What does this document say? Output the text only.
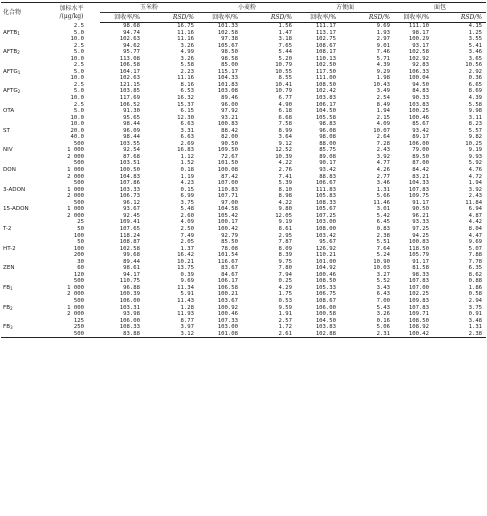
化合物	加标水平
/(μg/kg)	玉米粉		小麦粉		方便面		面包	
		回收率/%	RSD/%	回收率/%	RSD/%	回收率/%	RSD/%	回收率/%	RSD/%
	2.5	98.68	16.75	101.33	1.56	111.17	9.69	111.10	4.15
$AFTB_1$	5.0	94.74	11.16	102.58	1.47	113.17	1.93	98.17	1.25
	10.0	102.63	11.16	97.38	3.18	102.75	2.97	100.29	3.55
	2.5	94.62	3.26	105.67	7.65	108.67	9.01	93.17	5.41
$AFTB_2$	5.0	95.77	4.99	98.50	5.44	108.17	7.46	102.58	3.46
	10.0	113.08	3.26	98.58	5.20	110.13	5.71	102.92	3.65
	2.5	106.58	5.58	85.00	10.79	102.50	4.39	92.83	10.56
$AFTG_1$	5.0	104.17	2.23	115.17	10.55	117.50	9.29	106.33	2.92
	10.0	102.63	11.16	104.33	8.55	111.00	1.98	100.04	0.36
	2.5	121.15	8.16	101.83	10.41	108.50	10.43	94.50	6.65
$AFTG_2$	5.0	103.85	6.53	103.08	10.79	102.42	3.49	84.83	8.69
	10.0	117.69	16.32	89.46	6.77	103.83	2.54	90.33	4.39
	2.5	106.52	15.37	96.00	4.90	106.17	8.49	103.83	5.58
OTA	5.0	91.30	6.15	97.92	6.18	104.50	1.94	100.25	9.98
	10.0	95.65	12.30	93.21	6.68	105.58	2.15	100.46	3.11
	10.0	98.44	6.63	100.83	7.58	98.83	4.09	85.67	8.23
ST	20.0	96.09	3.31	88.42	8.99	96.08	10.07	93.42	5.57
	40.0	98.44	6.63	82.00	3.64	98.08	2.64	89.17	9.82
	500	103.55	2.69	90.50	9.12	88.00	7.28	106.00	10.25
NIV	1 000	92.54	16.83	109.50	12.52	85.75	2.43	79.00	9.19
	2 000	87.68	1.12	72.67	10.39	89.08	3.92	89.50	9.93
	500	103.51	1.52	101.50	4.22	90.17	4.77	87.00	5.92
DON	1 000	100.50	0.18	100.08	2.76	93.42	4.26	84.42	4.76
	2 000	104.83	1.19	87.42	7.41	88.83	2.77	83.21	4.72
	500	107.86	4.23	107.00	5.39	106.67	3.46	104.33	1.94
3-ADON	1 000	103.33	0.15	110.83	8.10	111.83	1.31	107.83	3.92
	2 000	106.73	6.99	107.71	8.98	105.83	5.66	109.75	2.43
	500	96.12	3.75	97.00	4.22	108.33	11.46	91.17	11.84
15-ADON	1 000	93.67	5.48	104.58	9.80	105.67	3.01	90.50	6.94
	2 000	92.45	2.60	105.42	12.05	107.25	5.42	96.21	4.87
	25	109.41	4.09	100.17	9.19	103.00	6.45	93.33	4.42
T-2	50	107.65	2.50	100.42	8.61	108.00	0.83	97.25	8.04
	100	118.24	7.49	92.79	2.95	103.42	2.38	94.25	4.47
	50	108.87	2.05	85.50	7.87	95.67	5.51	100.83	9.69
HT-2	100	102.58	1.37	78.08	8.09	126.92	7.64	118.50	5.07
	200	99.68	16.42	101.54	8.39	110.21	5.24	105.79	7.88
	30	89.44	10.21	116.67	9.75	101.00	10.90	91.17	7.78
ZEN	60	98.61	13.75	83.67	7.80	104.92	10.03	81.58	6.35
	120	94.17	0.39	84.67	7.94	100.46	3.27	98.33	8.62
	500	110.75	9.69	106.17	0.25	108.50	5.52	107.83	0.88
$FB_1$	1 000	96.88	11.34	106.58	4.29	105.33	3.43	107.00	1.86
	2 000	100.39	5.91	100.21	1.75	106.75	6.43	102.25	0.58
	500	106.00	11.43	103.67	0.53	108.67	7.00	109.83	2.94
$FB_2$	1 000	103.31	1.28	100.92	9.59	106.00	5.43	107.83	3.75
	2 000	93.98	11.93	100.46	1.91	100.58	3.26	109.71	0.91
	125	106.00	8.77	107.33	2.57	104.50	0.16	108.50	3.48
$FB_3$	250	108.33	3.97	103.00	1.72	103.83	5.06	108.92	1.31
	500	83.88	3.12	101.08	2.61	102.88	2.31	100.42	2.38
